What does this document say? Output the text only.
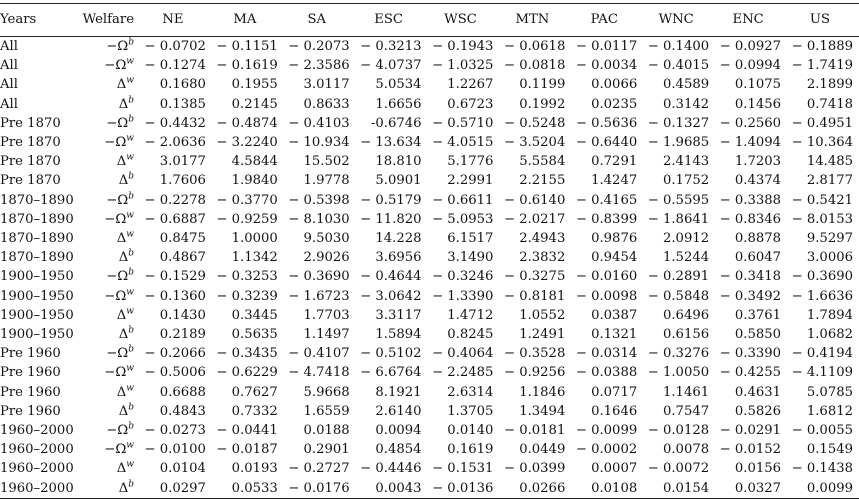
Years	Welfare	NE	MA	SA	ESC	WSC	MTN	PAC	WNC	ENC	US
All	$-\Omega^b$	− 0.0702	− 0.1151	− 0.2073	− 0.3213	− 0.1943	− 0.0618	− 0.0117	− 0.1400	− 0.0927	− 0.1889
All	$-\Omega^w$	− 0.1274	− 0.1619	− 2.3586	− 4.0737	− 1.0325	− 0.0818	− 0.0034	− 0.4015	− 0.0994	− 1.7419
All	$\Delta^w$	0.1680	0.1955	3.0117	5.0534	1.2267	0.1199	0.0066	0.4589	0.1075	2.1899
All	$\Delta^b$	0.1385	0.2145	0.8633	1.6656	0.6723	0.1992	0.0235	0.3142	0.1456	0.7418
Pre 1870	$-\Omega^b$	− 0.4432	− 0.4874	− 0.4103	-0.6746	− 0.5710	− 0.5248	− 0.5636	− 0.1327	− 0.2560	− 0.4951
Pre 1870	$-\Omega^w$	− 2.0636	− 3.2240	− 10.934	− 13.634	− 4.0515	− 3.5204	− 0.6440	− 1.9685	− 1.4094	− 10.364
Pre 1870	$\Delta^w$	3.0177	4.5844	15.502	18.810	5.1776	5.5584	0.7291	2.4143	1.7203	14.485
Pre 1870	$\Delta^b$	1.7606	1.9840	1.9778	5.0901	2.2991	2.2155	1.4247	0.1752	0.4374	2.8177
1870–1890	$-\Omega^b$	− 0.2278	− 0.3770	− 0.5398	− 0.5179	− 0.6611	− 0.6140	− 0.4165	− 0.5595	− 0.3388	− 0.5421
1870–1890	$-\Omega^w$	− 0.6887	− 0.9259	− 8.1030	− 11.820	− 5.0953	− 2.0217	− 0.8399	− 1.8641	− 0.8346	− 8.0153
1870–1890	$\Delta^w$	0.8475	1.0000	9.5030	14.228	6.1517	2.4943	0.9876	2.0912	0.8878	9.5297
1870–1890	$\Delta^b$	0.4867	1.1342	2.9026	3.6956	3.1490	2.3832	0.9454	1.5244	0.6047	3.0006
1900–1950	$-\Omega^b$	− 0.1529	− 0.3253	− 0.3690	− 0.4644	− 0.3246	− 0.3275	− 0.0160	− 0.2891	− 0.3418	− 0.3690
1900–1950	$-\Omega^w$	− 0.1360	− 0.3239	− 1.6723	− 3.0642	− 1.3390	− 0.8181	− 0.0098	− 0.5848	− 0.3492	− 1.6636
1900–1950	$\Delta^w$	0.1430	0.3445	1.7703	3.3117	1.4712	1.0552	0.0387	0.6496	0.3761	1.7894
1900–1950	$\Delta^b$	0.2189	0.5635	1.1497	1.5894	0.8245	1.2491	0.1321	0.6156	0.5850	1.0682
Pre 1960	$-\Omega^b$	− 0.2066	− 0.3435	− 0.4107	− 0.5102	− 0.4064	− 0.3528	− 0.0314	− 0.3276	− 0.3390	− 0.4194
Pre 1960	$-\Omega^w$	− 0.5006	− 0.6229	− 4.7418	− 6.6764	− 2.2485	− 0.9256	− 0.0388	− 1.0050	− 0.4255	− 4.1109
Pre 1960	$\Delta^w$	0.6688	0.7627	5.9668	8.1921	2.6314	1.1846	0.0717	1.1461	0.4631	5.0785
Pre 1960	$\Delta^b$	0.4843	0.7332	1.6559	2.6140	1.3705	1.3494	0.1646	0.7547	0.5826	1.6812
1960–2000	$-\Omega^b$	− 0.0273	− 0.0441	0.0188	0.0094	0.0140	− 0.0181	− 0.0099	− 0.0128	− 0.0291	− 0.0055
1960–2000	$-\Omega^w$	− 0.0100	− 0.0187	0.2901	0.4854	0.1619	0.0449	− 0.0002	0.0078	− 0.0152	0.1549
1960–2000	$\Delta^w$	0.0104	0.0193	− 0.2727	− 0.4446	− 0.1531	− 0.0399	0.0007	− 0.0072	0.0156	− 0.1438
1960–2000	$\Delta^b$	0.0297	0.0533	− 0.0176	0.0043	− 0.0136	0.0266	0.0108	0.0154	0.0327	0.0099
